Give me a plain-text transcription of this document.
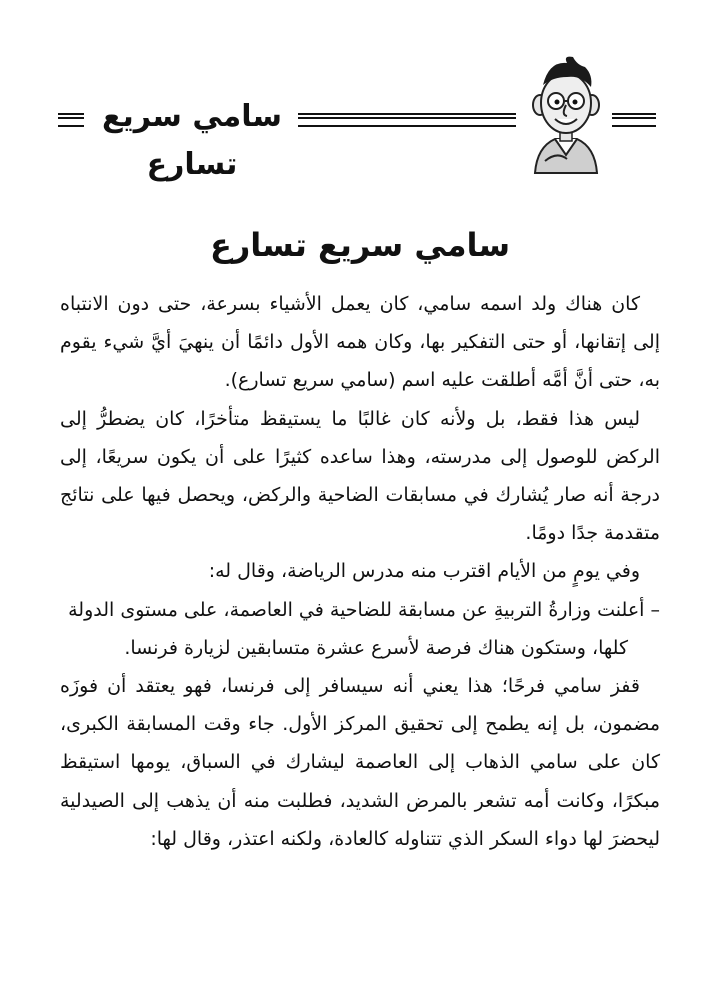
سامي سريع تسارع
سامي سريع تسارع

كان هناك ولد اسمه سامي، كان يعمل الأشياء بسرعة، حتى دون الانتباه إلى إتقانها، أو حتى التفكير بها، وكان همه الأول دائمًا أن ينهيَ أيَّ شيء يقوم به، حتى أنَّ أمَّه أطلقت عليه اسم (سامي سريع تسارع).

ليس هذا فقط، بل ولأنه كان غالبًا ما يستيقظ متأخرًا، كان يضطرُّ إلى الركض للوصول إلى مدرسته، وهذا ساعده كثيرًا على أن يكون سريعًا، إلى درجة أنه صار يُشارك في مسابقات الضاحية والركض، ويحصل فيها على نتائج متقدمة جدًا دومًا.

وفي يومٍ من الأيام اقترب منه مدرس الرياضة، وقال له:

– أعلنت وزارةُ التربيةِ عن مسابقة للضاحية في العاصمة، على مستوى الدولة

كلها، وستكون هناك فرصة لأسرع عشرة متسابقين لزيارة فرنسا.

قفز سامي فرحًا؛ هذا يعني أنه سيسافر إلى فرنسا، فهو يعتقد أن فوزَه مضمون، بل إنه يطمح إلى تحقيق المركز الأول. جاء وقت المسابقة الكبرى، كان على سامي الذهاب إلى العاصمة ليشارك في السباق، يومها استيقظ مبكرًا، وكانت أمه تشعر بالمرض الشديد، فطلبت منه أن يذهب إلى الصيدلية ليحضرَ لها دواء السكر الذي تتناوله كالعادة، ولكنه اعتذر، وقال لها:
